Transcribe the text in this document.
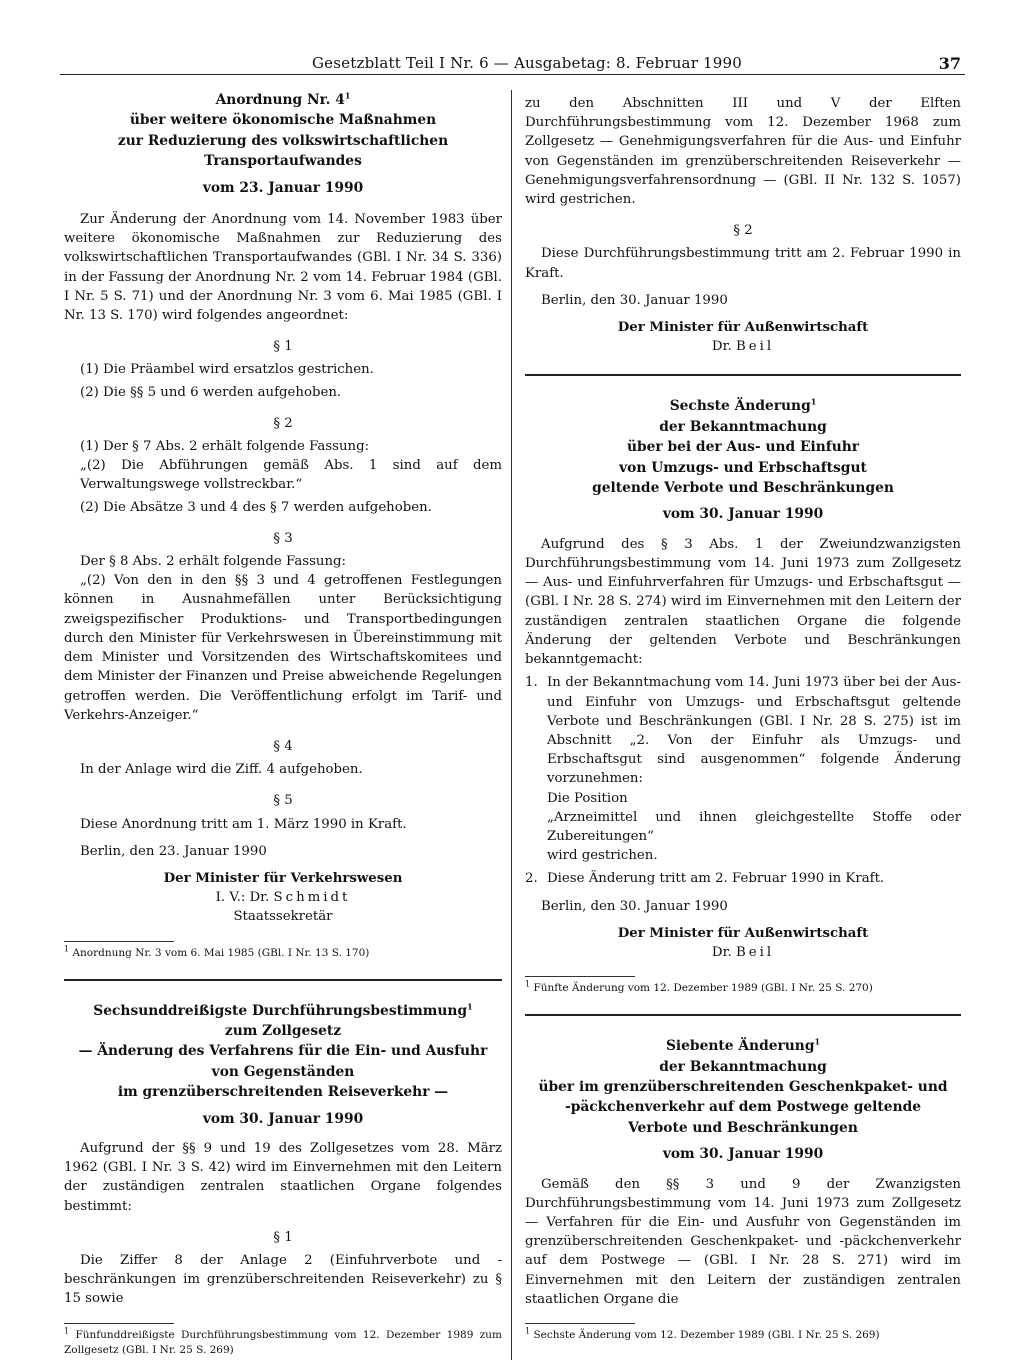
Gesetzblatt Teil I Nr. 6 — Ausgabetag: 8. Februar 1990	37

Anordnung Nr. $4^1$

über weitere ökonomische Maßnahmen

zur Reduzierung des volkswirtschaftlichen

Transportaufwandes

vom 23. Januar 1990

Zur Änderung der Anordnung vom 14. November 1983 über weitere ökonomische Maßnahmen zur Reduzierung des volkswirtschaftlichen Transportaufwandes (GBl. I Nr. 34 S. 336) in der Fassung der Anordnung Nr. 2 vom 14. Februar 1984 (GBl. I Nr. 5 S. 71) und der Anordnung Nr. 3 vom 6. Mai 1985 (GBl. I Nr. 13 S. 170) wird folgendes angeordnet:

§ 1

(1) Die Präambel wird ersatzlos gestrichen.

(2) Die §§ 5 und 6 werden aufgehoben.

§ 2

(1) Der § 7 Abs. 2 erhält folgende Fassung:

„(2) Die Abführungen gemäß Abs. 1 sind auf dem Verwaltungswege vollstreckbar.“

(2) Die Absätze 3 und 4 des § 7 werden aufgehoben.

§ 3

Der § 8 Abs. 2 erhält folgende Fassung:

„(2) Von den in den §§ 3 und 4 getroffenen Festlegungen können in Ausnahmefällen unter Berücksichtigung zweigspezifischer Produktions- und Transportbedingungen durch den Minister für Verkehrswesen in Übereinstimmung mit dem Minister und Vorsitzenden des Wirtschaftskomitees und dem Minister der Finanzen und Preise abweichende Regelungen getroffen werden. Die Veröffentlichung erfolgt im Tarif- und Verkehrs-Anzeiger.“

§ 4

In der Anlage wird die Ziff. 4 aufgehoben.

§ 5

Diese Anordnung tritt am 1. März 1990 in Kraft.

Berlin, den 23. Januar 1990

Der Minister für Verkehrswesen

I. V.: Dr. Schmidt

Staatssekretär

$^1$ Anordnung Nr. 3 vom 6. Mai 1985 (GBl. I Nr. 13 S. 170)

Sechsunddreißigste Durchführungsbestimmung$^1$

zum Zollgesetz

— Änderung des Verfahrens für die Ein- und Ausfuhr

von Gegenständen

im grenzüberschreitenden Reiseverkehr —

vom 30. Januar 1990

Aufgrund der §§ 9 und 19 des Zollgesetzes vom 28. März 1962 (GBl. I Nr. 3 S. 42) wird im Einvernehmen mit den Leitern der zuständigen zentralen staatlichen Organe folgendes bestimmt:

§ 1

Die Ziffer 8 der Anlage 2 (Einfuhrverbote und -beschränkungen im grenzüberschreitenden Reiseverkehr) zu § 15 sowie

$^1$ Fünfunddreißigste Durchführungsbestimmung vom 12. Dezember 1989 zum Zollgesetz (GBl. I Nr. 25 S. 269)

zu den Abschnitten III und V der Elften Durchführungsbestimmung vom 12. Dezember 1968 zum Zollgesetz — Genehmigungsverfahren für die Aus- und Einfuhr von Gegenständen im grenzüberschreitenden Reiseverkehr — Genehmigungsverfahrensordnung — (GBl. II Nr. 132 S. 1057) wird gestrichen.

§ 2

Diese Durchführungsbestimmung tritt am 2. Februar 1990 in Kraft.

Berlin, den 30. Januar 1990

Der Minister für Außenwirtschaft

Dr. Beil

Sechste Änderung$^1$

der Bekanntmachung

über bei der Aus- und Einfuhr

von Umzugs- und Erbschaftsgut

geltende Verbote und Beschränkungen

vom 30. Januar 1990

Aufgrund des § 3 Abs. 1 der Zweiundzwanzigsten Durchführungsbestimmung vom 14. Juni 1973 zum Zollgesetz — Aus- und Einfuhrverfahren für Umzugs- und Erbschaftsgut — (GBl. I Nr. 28 S. 274) wird im Einvernehmen mit den Leitern der zuständigen zentralen staatlichen Organe die folgende Änderung der geltenden Verbote und Beschränkungen bekanntgemacht:

1. In der Bekanntmachung vom 14. Juni 1973 über bei der Aus- und Einfuhr von Umzugs- und Erbschaftsgut geltende Verbote und Beschränkungen (GBl. I Nr. 28 S. 275) ist im Abschnitt „2. Von der Einfuhr als Umzugs- und Erbschaftsgut sind ausgenommen“ folgende Änderung vorzunehmen:

Die Position

„Arzneimittel und ihnen gleichgestellte Stoffe oder Zubereitungen“

wird gestrichen.

2. Diese Änderung tritt am 2. Februar 1990 in Kraft.

Berlin, den 30. Januar 1990

Der Minister für Außenwirtschaft

Dr. Beil

$^1$ Fünfte Änderung vom 12. Dezember 1989 (GBl. I Nr. 25 S. 270)

Siebente Änderung$^1$

der Bekanntmachung

über im grenzüberschreitenden Geschenkpaket- und

-päckchenverkehr auf dem Postwege geltende

Verbote und Beschränkungen

vom 30. Januar 1990

Gemäß den §§ 3 und 9 der Zwanzigsten Durchführungsbestimmung vom 14. Juni 1973 zum Zollgesetz — Verfahren für die Ein- und Ausfuhr von Gegenständen im grenzüberschreitenden Geschenkpaket- und -päckchenverkehr auf dem Postwege — (GBl. I Nr. 28 S. 271) wird im Einvernehmen mit den Leitern der zuständigen zentralen staatlichen Organe die

$^1$ Sechste Änderung vom 12. Dezember 1989 (GBl. I Nr. 25 S. 269)
